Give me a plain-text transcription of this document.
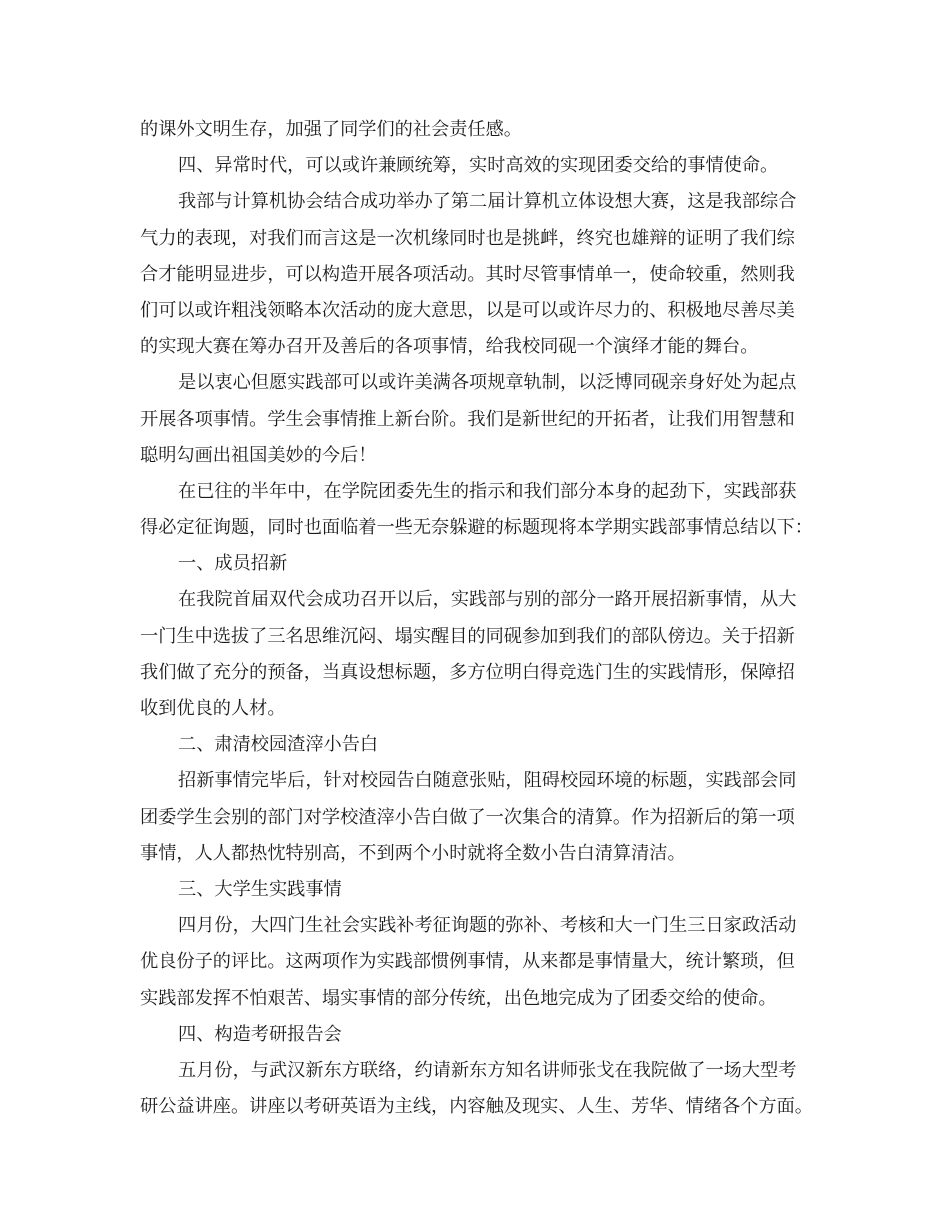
的课外文明生存，加强了同学们的社会责任感。

四、异常时代，可以或许兼顾统筹，实时高效的实现团委交给的事情使命。

我部与计算机协会结合成功举办了第二届计算机立体设想大赛，这是我部综合

气力的表现，对我们而言这是一次机缘同时也是挑衅，终究也雄辩的证明了我们综

合才能明显进步，可以构造开展各项活动。其时尽管事情单一，使命较重，然则我

们可以或许粗浅领略本次活动的庞大意思，以是可以或许尽力的、积极地尽善尽美

的实现大赛在筹办召开及善后的各项事情，给我校同砚一个演绎才能的舞台。

是以衷心但愿实践部可以或许美满各项规章轨制，以泛博同砚亲身好处为起点

开展各项事情。学生会事情推上新台阶。我们是新世纪的开拓者，让我们用智慧和

聪明勾画出祖国美妙的今后！

在已往的半年中，在学院团委先生的指示和我们部分本身的起劲下，实践部获

得必定征询题，同时也面临着一些无奈躲避的标题现将本学期实践部事情总结以下：

一、成员招新

在我院首届双代会成功召开以后，实践部与别的部分一路开展招新事情，从大

一门生中选拔了三名思维沉闷、塌实醒目的同砚参加到我们的部队傍边。关于招新

我们做了充分的预备，当真设想标题，多方位明白得竞选门生的实践情形，保障招

收到优良的人材。

二、肃清校园渣滓小告白

招新事情完毕后，针对校园告白随意张贴，阻碍校园环境的标题，实践部会同

团委学生会别的部门对学校渣滓小告白做了一次集合的清算。作为招新后的第一项

事情，人人都热忱特别高，不到两个小时就将全数小告白清算清洁。

三、大学生实践事情

四月份，大四门生社会实践补考征询题的弥补、考核和大一门生三日家政活动

优良份子的评比。这两项作为实践部惯例事情，从来都是事情量大，统计繁琐，但

实践部发挥不怕艰苦、塌实事情的部分传统，出色地完成为了团委交给的使命。

四、构造考研报告会

五月份，与武汉新东方联络，约请新东方知名讲师张戈在我院做了一场大型考

研公益讲座。讲座以考研英语为主线，内容触及现实、人生、芳华、情绪各个方面。
